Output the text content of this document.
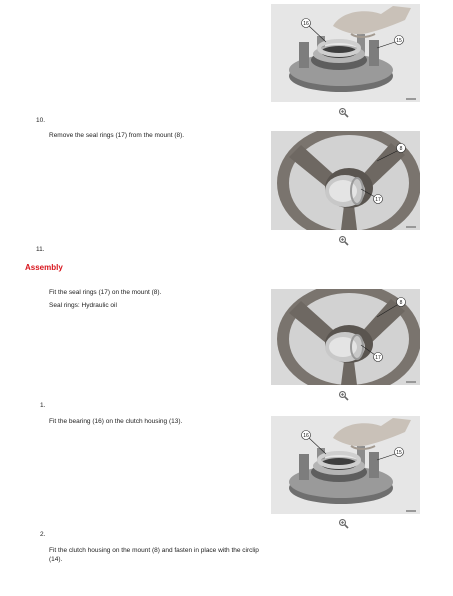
16
15
10.
Remove the seal rings (17) from the mount (8).
8
17
11.
Assembly
Fit the seal rings (17) on the mount (8).
Seal rings: Hydraulic oil	8
17
1.
Fit the bearing (16) on the clutch housing (13).
16
15
2.
Fit the clutch housing on the mount (8) and fasten in place with the circlip (14).
